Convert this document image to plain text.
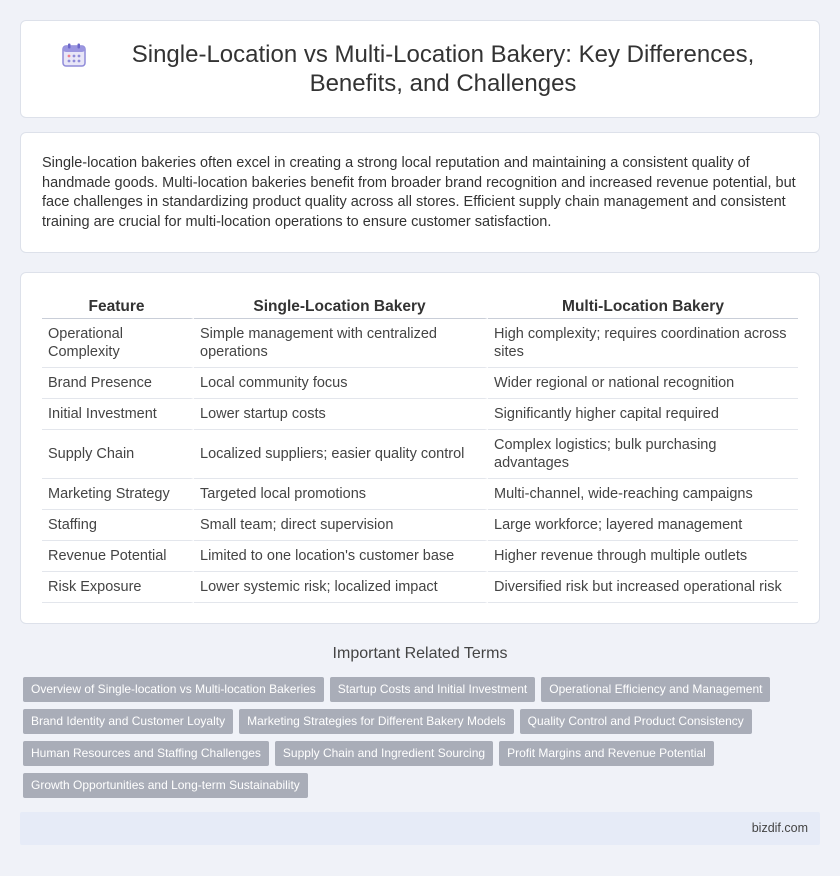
Single-Location vs Multi-Location Bakery: Key Differences, Benefits, and Challenges

Single-location bakeries often excel in creating a strong local reputation and maintaining a consistent quality of handmade goods. Multi-location bakeries benefit from broader brand recognition and increased revenue potential, but face challenges in standardizing product quality across all stores. Efficient supply chain management and consistent training are crucial for multi-location operations to ensure customer satisfaction.

Feature	Single-Location Bakery	Multi-Location Bakery
Operational Complexity	Simple management with centralized operations	High complexity; requires coordination across sites
Brand Presence	Local community focus	Wider regional or national recognition
Initial Investment	Lower startup costs	Significantly higher capital required
Supply Chain	Localized suppliers; easier quality control	Complex logistics; bulk purchasing advantages
Marketing Strategy	Targeted local promotions	Multi-channel, wide-reaching campaigns
Staffing	Small team; direct supervision	Large workforce; layered management
Revenue Potential	Limited to one location's customer base	Higher revenue through multiple outlets
Risk Exposure	Lower systemic risk; localized impact	Diversified risk but increased operational risk
Important Related Terms
Overview of Single-location vs Multi-location Bakeries	Startup Costs and Initial Investment	Operational Efficiency and Management
Brand Identity and Customer Loyalty	Marketing Strategies for Different Bakery Models	Quality Control and Product Consistency
Human Resources and Staffing Challenges	Supply Chain and Ingredient Sourcing	Profit Margins and Revenue Potential
Growth Opportunities and Long-term Sustainability
bizdif.com
